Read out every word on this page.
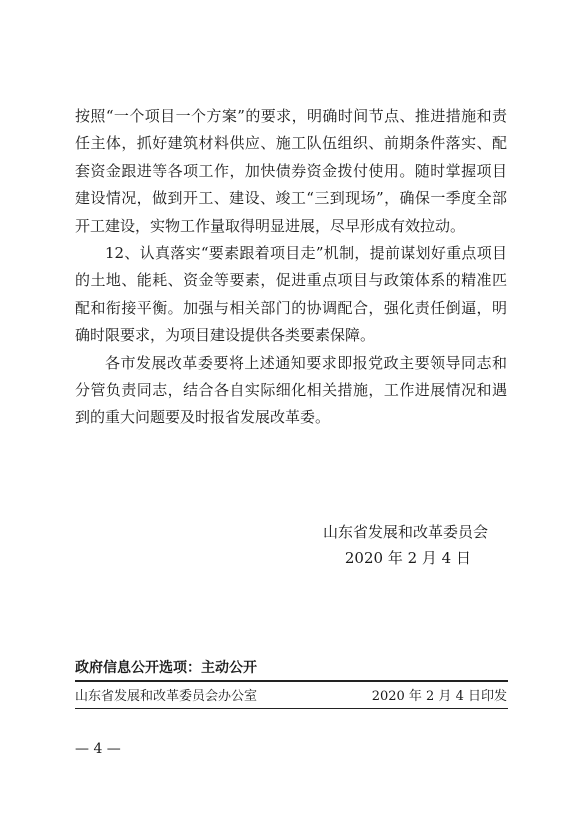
按照“一个项目一个方案”的要求，明确时间节点、推进措施和责任主体，抓好建筑材料供应、施工队伍组织、前期条件落实、配套资金跟进等各项工作，加快债券资金拨付使用。随时掌握项目建设情况，做到开工、建设、竣工“三到现场”，确保一季度全部开工建设，实物工作量取得明显进展，尽早形成有效拉动。

12、认真落实“要素跟着项目走”机制，提前谋划好重点项目的土地、能耗、资金等要素，促进重点项目与政策体系的精准匹配和衔接平衡。加强与相关部门的协调配合，强化责任倒逼，明确时限要求，为项目建设提供各类要素保障。

各市发展改革委要将上述通知要求即报党政主要领导同志和分管负责同志，结合各自实际细化相关措施，工作进展情况和遇到的重大问题要及时报省发展改革委。

山东省发展和改革委员会
2020 年 2 月 4 日
政府信息公开选项：主动公开
山东省发展和改革委员会办公室	2020 年 2 月 4 日印发
— 4 —
